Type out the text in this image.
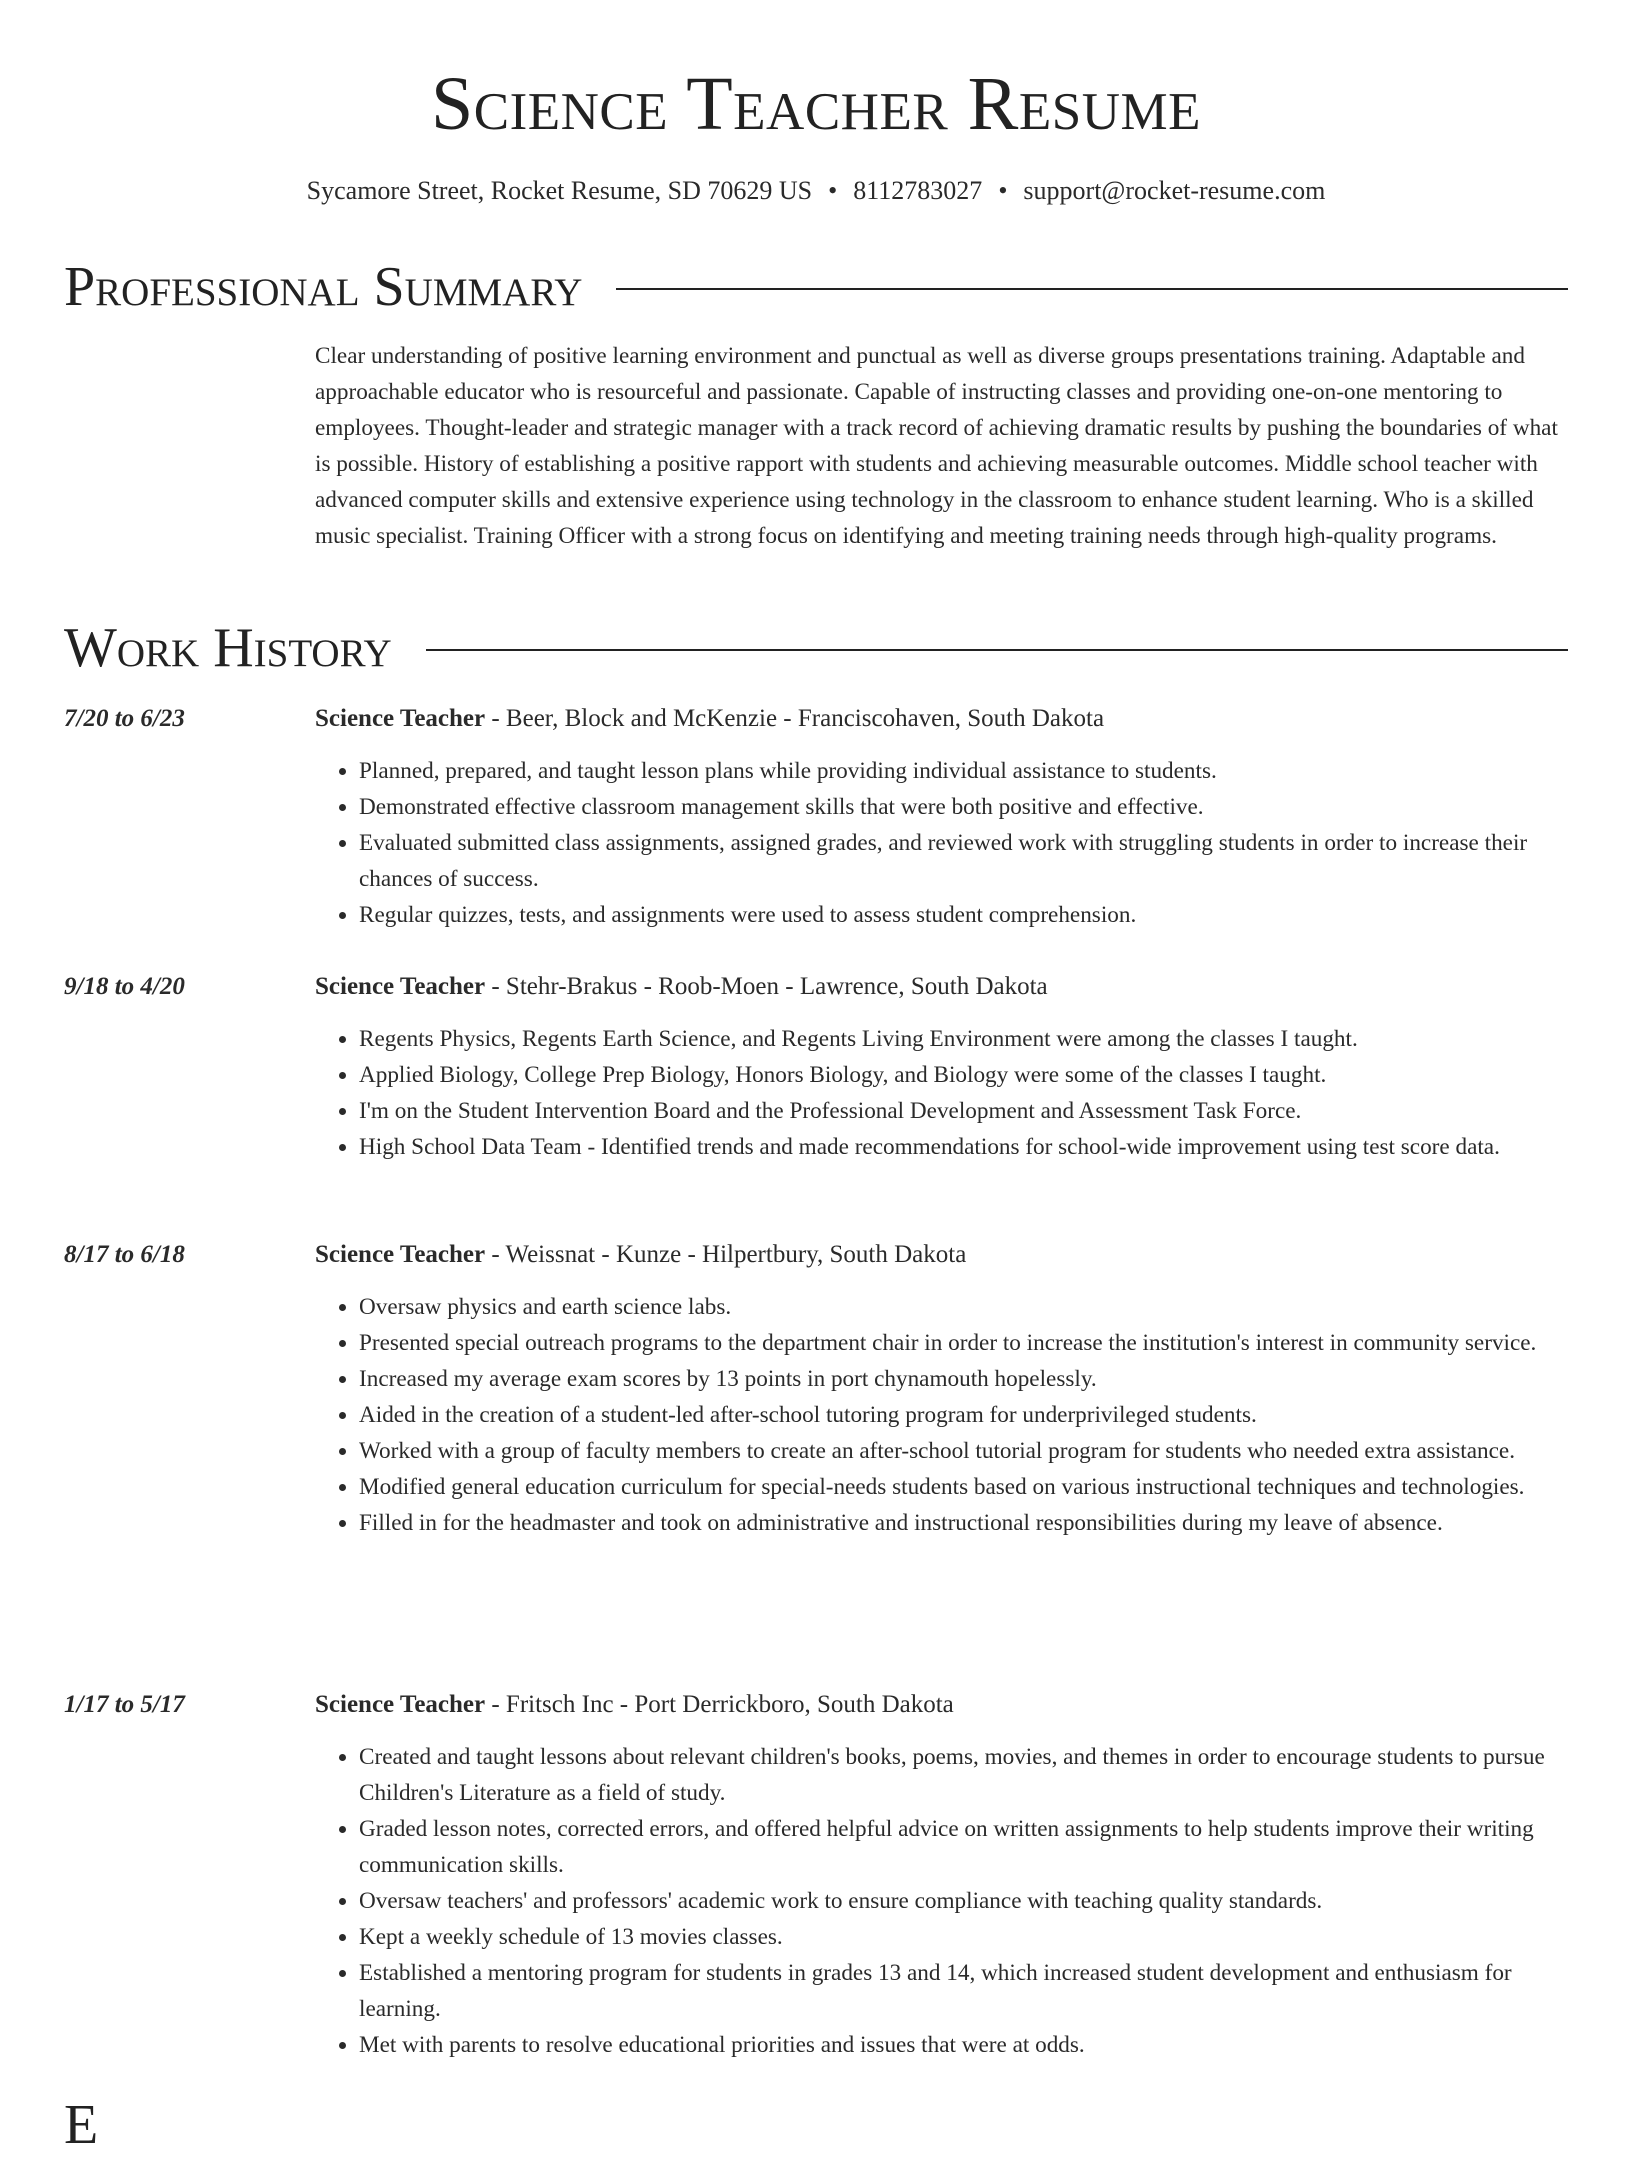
Science Teacher Resume
Sycamore Street, Rocket Resume, SD 70629 US • 8112783027 • support@rocket-resume.com
Professional Summary

Clear understanding of positive learning environment and punctual as well as diverse groups presentations training. Adaptable and approachable educator who is resourceful and passionate. Capable of instructing classes and providing one-on-one mentoring to employees. Thought-leader and strategic manager with a track record of achieving dramatic results by pushing the boundaries of what is possible. History of establishing a positive rapport with students and achieving measurable outcomes. Middle school teacher with advanced computer skills and extensive experience using technology in the classroom to enhance student learning. Who is a skilled music specialist. Training Officer with a strong focus on identifying and meeting training needs through high-quality programs.

Work History
7/20 to 6/23	Science Teacher - Beer, Block and McKenzie - Franciscohaven, South Dakota
• Planned, prepared, and taught lesson plans while providing individual assistance to students.
• Demonstrated effective classroom management skills that were both positive and effective.
• Evaluated submitted class assignments, assigned grades, and reviewed work with struggling students in order to increase their chances of success.
• Regular quizzes, tests, and assignments were used to assess student comprehension.
9/18 to 4/20	Science Teacher - Stehr-Brakus - Roob-Moen - Lawrence, South Dakota
• Regents Physics, Regents Earth Science, and Regents Living Environment were among the classes I taught.
• Applied Biology, College Prep Biology, Honors Biology, and Biology were some of the classes I taught.
• I'm on the Student Intervention Board and the Professional Development and Assessment Task Force.
• High School Data Team - Identified trends and made recommendations for school-wide improvement using test score data.
8/17 to 6/18	Science Teacher - Weissnat - Kunze - Hilpertbury, South Dakota
• Oversaw physics and earth science labs.
• Presented special outreach programs to the department chair in order to increase the institution's interest in community service.
• Increased my average exam scores by 13 points in port chynamouth hopelessly.
• Aided in the creation of a student-led after-school tutoring program for underprivileged students.
• Worked with a group of faculty members to create an after-school tutorial program for students who needed extra assistance.
• Modified general education curriculum for special-needs students based on various instructional techniques and technologies.
• Filled in for the headmaster and took on administrative and instructional responsibilities during my leave of absence.
1/17 to 5/17	Science Teacher - Fritsch Inc - Port Derrickboro, South Dakota
• Created and taught lessons about relevant children's books, poems, movies, and themes in order to encourage students to pursue Children's Literature as a field of study.
• Graded lesson notes, corrected errors, and offered helpful advice on written assignments to help students improve their writing communication skills.
• Oversaw teachers' and professors' academic work to ensure compliance with teaching quality standards.
• Kept a weekly schedule of 13 movies classes.
• Established a mentoring program for students in grades 13 and 14, which increased student development and enthusiasm for learning.
• Met with parents to resolve educational priorities and issues that were at odds.
E
